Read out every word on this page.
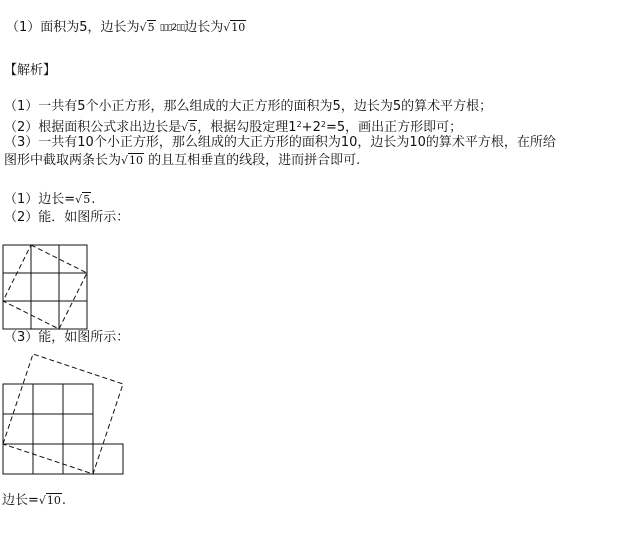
（1）面积为5，边长为√5 ▯▯▯2▯▯边长为√10
【解析】
（1）一共有5个小正方形，那么组成的大正方形的面积为5，边长为5的算术平方根；
（2）根据面积公式求出边长是√5，根据勾股定理$1^2+2^2=5$，画出正方形即可；
（3）一共有10个小正方形，那么组成的大正方形的面积为10，边长为10的算术平方根，在所给
图形中截取两条长为√10 的且互相垂直的线段，进而拼合即可.
（1）边长=√5.
（2）能．如图所示：
（3）能，如图所示：
边长=√10.
